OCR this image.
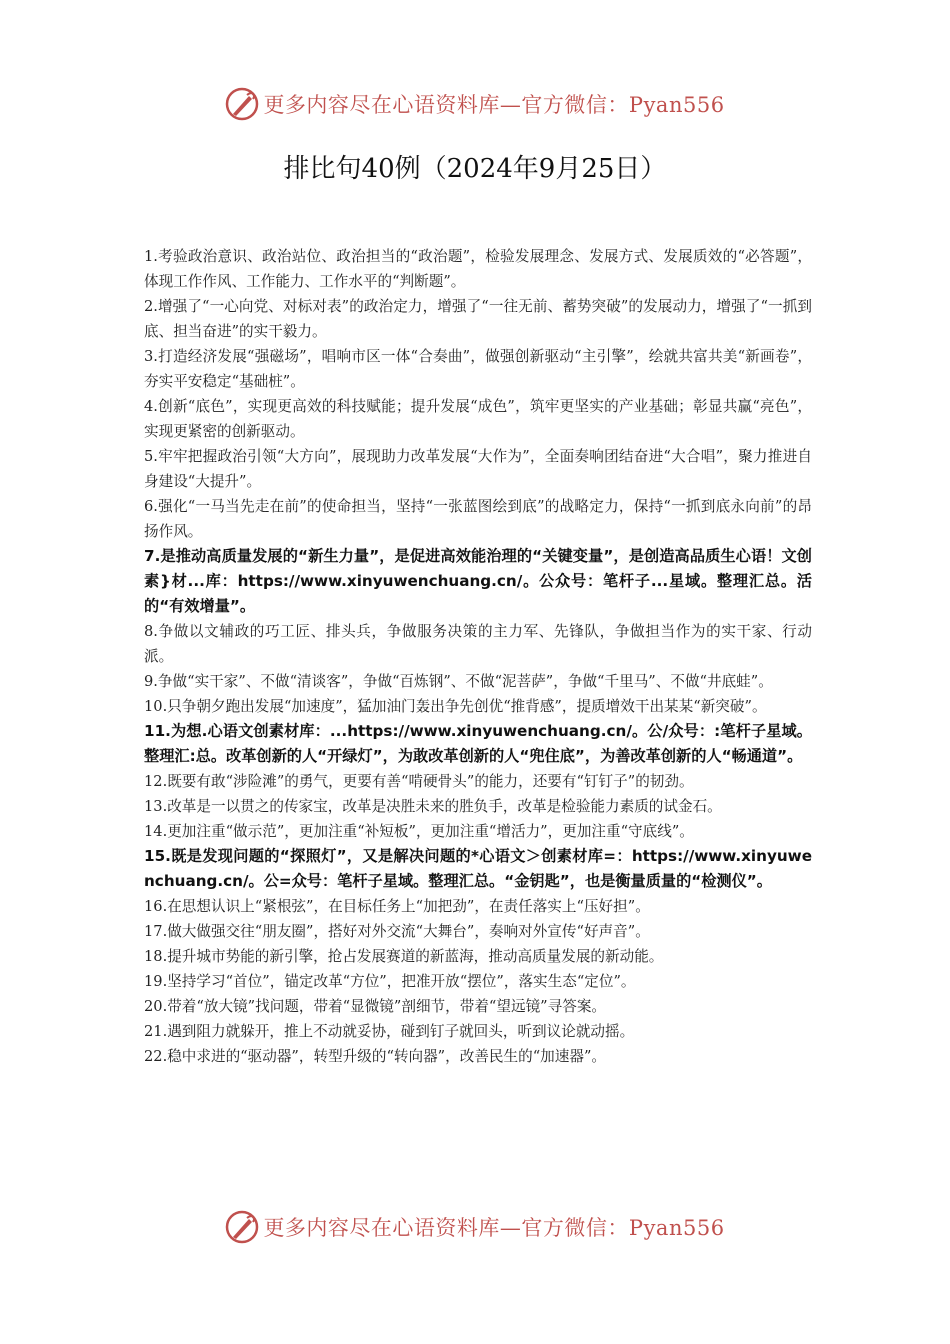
更多内容尽在心语资料库—官方微信：Pyan556
排比句40例（2024年9月25日）

1.考验政治意识、政治站位、政治担当的“政治题”，检验发展理念、发展方式、发展质效的“必答题”，体现工作作风、工作能力、工作水平的“判断题”。

2.增强了“一心向党、对标对表”的政治定力，增强了“一往无前、蓄势突破”的发展动力，增强了“一抓到底、担当奋进”的实干毅力。

3.打造经济发展“强磁场”，唱响市区一体“合奏曲”，做强创新驱动“主引擎”，绘就共富共美“新画卷”，夯实平安稳定“基础桩”。

4.创新“底色”，实现更高效的科技赋能；提升发展“成色”，筑牢更坚实的产业基础；彰显共赢“亮色”，实现更紧密的创新驱动。

5.牢牢把握政治引领“大方向”，展现助力改革发展“大作为”，全面奏响团结奋进“大合唱”，聚力推进自身建设“大提升”。

6.强化“一马当先走在前”的使命担当，坚持“一张蓝图绘到底”的战略定力，保持“一抓到底永向前”的昂扬作风。

7.是推动高质量发展的“新生力量”，是促进高效能治理的“关键变量”，是创造高品质生心语！文创素}材...库：https://www.xinyuwenchuang.cn/。公众号：笔杆子...星域。整理汇总。活的“有效增量”。

8.争做以文辅政的巧工匠、排头兵，争做服务决策的主力军、先锋队，争做担当作为的实干家、行动派。

9.争做“实干家”、不做“清谈客”，争做“百炼钢”、不做“泥菩萨”，争做“千里马”、不做“井底蛙”。

10.只争朝夕跑出发展“加速度”，猛加油门轰出争先创优“推背感”，提质增效干出某某“新突破”。

11.为想.心语文创素材库：...https://www.xinyuwenchuang.cn/。公/众号：:笔杆子星域。整理汇:总。改革创新的人“开绿灯”，为敢改革创新的人“兜住底”，为善改革创新的人“畅通道”。

12.既要有敢“涉险滩”的勇气，更要有善“啃硬骨头”的能力，还要有“钉钉子”的韧劲。

13.改革是一以贯之的传家宝，改革是决胜未来的胜负手，改革是检验能力素质的试金石。

14.更加注重“做示范”，更加注重“补短板”，更加注重“增活力”，更加注重“守底线”。

15.既是发现问题的“探照灯”，又是解决问题的*心语文＞创素材库=：https://www.xinyuwenchuang.cn/。公=众号：笔杆子星域。整理汇总。“金钥匙”，也是衡量质量的“检测仪”。

16.在思想认识上“紧根弦”，在目标任务上“加把劲”，在责任落实上“压好担”。

17.做大做强交往“朋友圈”，搭好对外交流“大舞台”，奏响对外宣传“好声音”。

18.提升城市势能的新引擎，抢占发展赛道的新蓝海，推动高质量发展的新动能。

19.坚持学习“首位”，锚定改革“方位”，把准开放“摆位”，落实生态“定位”。

20.带着“放大镜”找问题，带着“显微镜”剖细节，带着“望远镜”寻答案。

21.遇到阻力就躲开，推上不动就妥协，碰到钉子就回头，听到议论就动摇。

22.稳中求进的“驱动器”，转型升级的“转向器”，改善民生的“加速器”。

更多内容尽在心语资料库—官方微信：Pyan556
